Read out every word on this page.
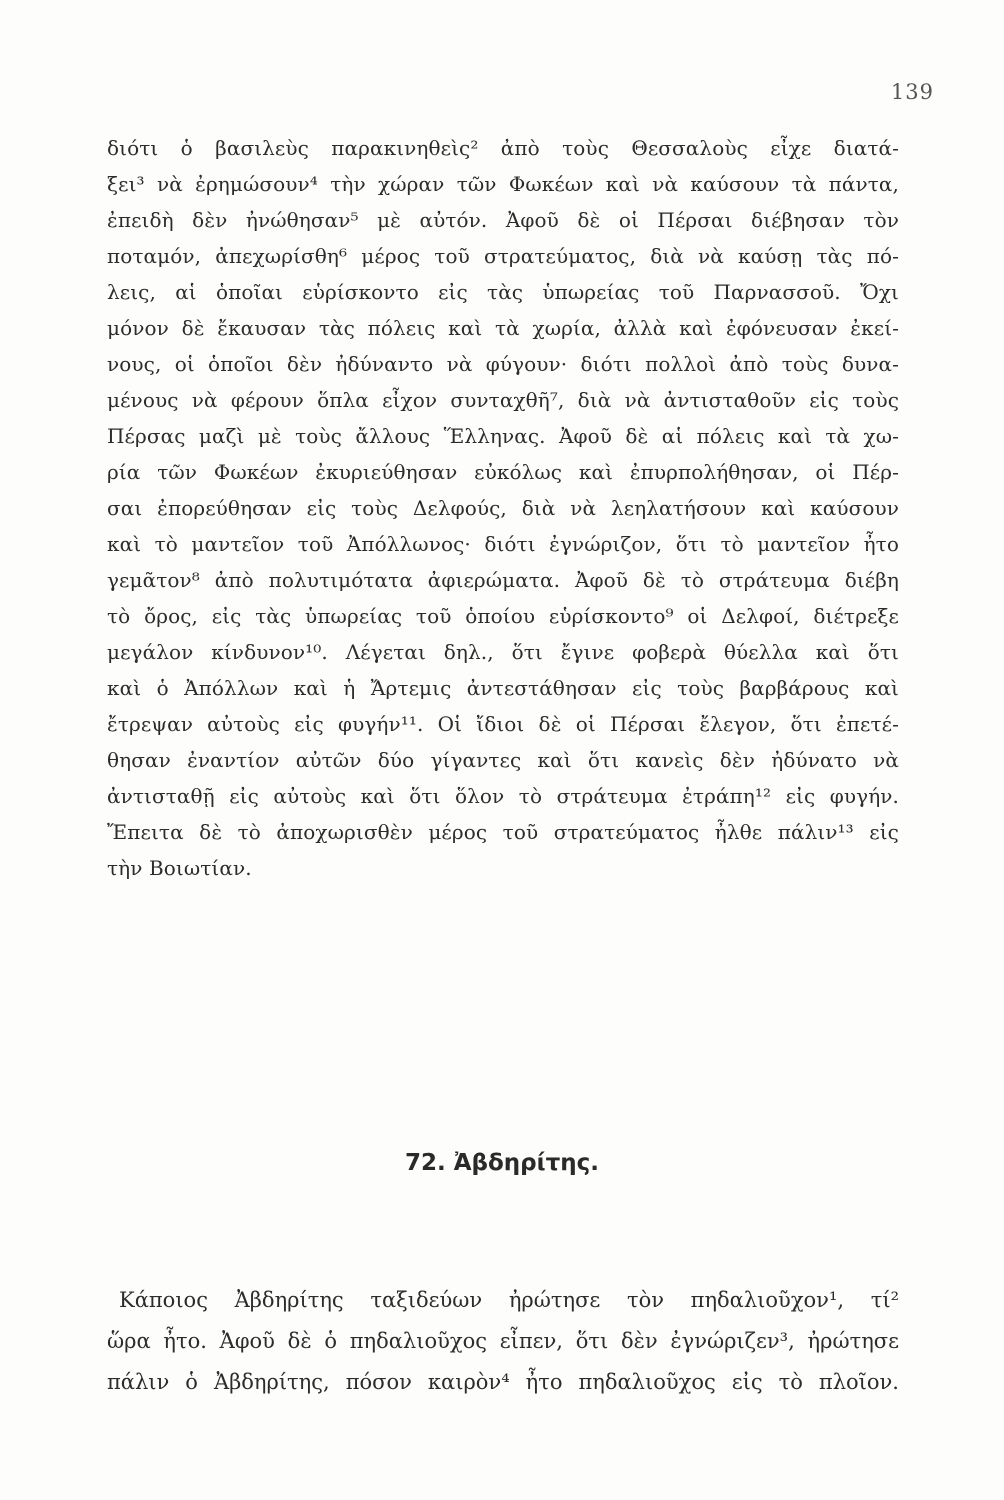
139
διότι ὁ βασιλεὺς παρακινηθεὶς² ἀπὸ τοὺς Θεσσαλοὺς εἶχε διατά-
ξει³ νὰ ἐρημώσουν⁴ τὴν χώραν τῶν Φωκέων καὶ νὰ καύσουν τὰ πάντα,
ἐπειδὴ δὲν ἠνώθησαν⁵ μὲ αὐτόν. Ἀφοῦ δὲ οἱ Πέρσαι διέβησαν τὸν
ποταμόν, ἀπεχωρίσθη⁶ μέρος τοῦ στρατεύματος, διὰ νὰ καύσῃ τὰς πό-
λεις, αἱ ὁποῖαι εὑρίσκοντο εἰς τὰς ὑπωρείας τοῦ Παρνασσοῦ. Ὄχι
μόνον δὲ ἔκαυσαν τὰς πόλεις καὶ τὰ χωρία, ἀλλὰ καὶ ἐφόνευσαν ἐκεί-
νους, οἱ ὁποῖοι δὲν ἠδύναντο νὰ φύγουν· διότι πολλοὶ ἀπὸ τοὺς δυνα-
μένους νὰ φέρουν ὅπλα εἶχον συνταχθῆ⁷, διὰ νὰ ἀντισταθοῦν εἰς τοὺς
Πέρσας μαζὶ μὲ τοὺς ἄλλους Ἕλληνας. Ἀφοῦ δὲ αἱ πόλεις καὶ τὰ χω-
ρία τῶν Φωκέων ἐκυριεύθησαν εὐκόλως καὶ ἐπυρπολήθησαν, οἱ Πέρ-
σαι ἐπορεύθησαν εἰς τοὺς Δελφούς, διὰ νὰ λεηλατήσουν καὶ καύσουν
καὶ τὸ μαντεῖον τοῦ Ἀπόλλωνος· διότι ἐγνώριζον, ὅτι τὸ μαντεῖον ἦτο
γεμᾶτον⁸ ἀπὸ πολυτιμότατα ἀφιερώματα. Ἀφοῦ δὲ τὸ στράτευμα διέβη
τὸ ὄρος, εἰς τὰς ὑπωρείας τοῦ ὁποίου εὑρίσκοντο⁹ οἱ Δελφοί, διέτρεξε
μεγάλον κίνδυνον¹⁰. Λέγεται δηλ., ὅτι ἔγινε φοβερὰ θύελλα καὶ ὅτι
καὶ ὁ Ἀπόλλων καὶ ἡ Ἄρτεμις ἀντεστάθησαν εἰς τοὺς βαρβάρους καὶ
ἔτρεψαν αὐτοὺς εἰς φυγήν¹¹. Οἱ ἴδιοι δὲ οἱ Πέρσαι ἔλεγον, ὅτι ἐπετέ-
θησαν ἐναντίον αὐτῶν δύο γίγαντες καὶ ὅτι κανεὶς δὲν ἠδύνατο νὰ
ἀντισταθῇ εἰς αὐτοὺς καὶ ὅτι ὅλον τὸ στράτευμα ἐτράπη¹² εἰς φυγήν.
Ἔπειτα δὲ τὸ ἀποχωρισθὲν μέρος τοῦ στρατεύματος ἦλθε πάλιν¹³ εἰς
τὴν Βοιωτίαν.
72. Ἀβδηρίτης.
Κάποιος Ἀβδηρίτης ταξιδεύων ἠρώτησε τὸν πηδαλιοῦχον¹, τί²
ὥρα ἦτο. Ἀφοῦ δὲ ὁ πηδαλιοῦχος εἶπεν, ὅτι δὲν ἐγνώριζεν³, ἠρώτησε
πάλιν ὁ Ἀβδηρίτης, πόσον καιρὸν⁴ ἦτο πηδαλιοῦχος εἰς τὸ πλοῖον.
